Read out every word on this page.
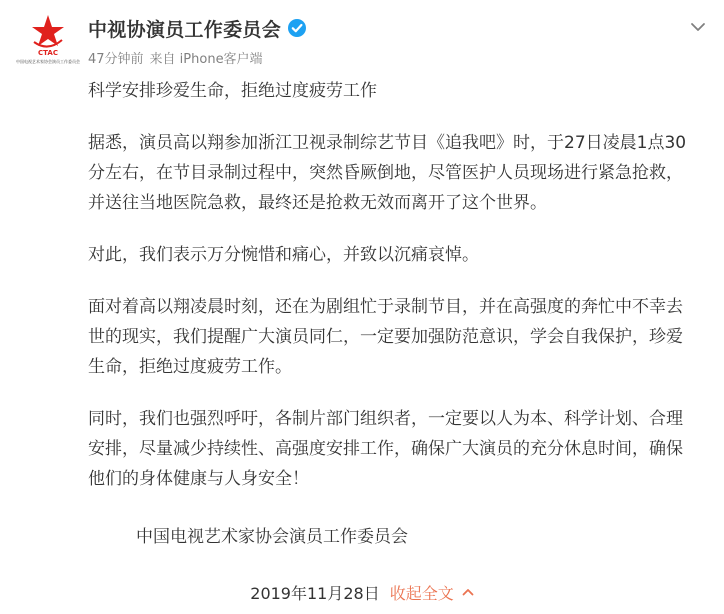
CTAC
中国电视艺术家协会演员工作委员会
中视协演员工作委员会
47分钟前 来自 iPhone客户端

科学安排珍爱生命，拒绝过度疲劳工作

据悉，演员高以翔参加浙江卫视录制综艺节目《追我吧》时，于27日凌晨1点30
分左右，在节目录制过程中，突然昏厥倒地，尽管医护人员现场进行紧急抢救，
并送往当地医院急救，最终还是抢救无效而离开了这个世界。

对此，我们表示万分惋惜和痛心，并致以沉痛哀悼。

面对着高以翔凌晨时刻，还在为剧组忙于录制节目，并在高强度的奔忙中不幸去
世的现实，我们提醒广大演员同仁，一定要加强防范意识，学会自我保护，珍爱
生命，拒绝过度疲劳工作。

同时，我们也强烈呼吁，各制片部门组织者，一定要以人为本、科学计划、合理
安排，尽量减少持续性、高强度安排工作，确保广大演员的充分休息时间，确保
他们的身体健康与人身安全！

中国电视艺术家协会演员工作委员会
2019年11月28日 收起全文
